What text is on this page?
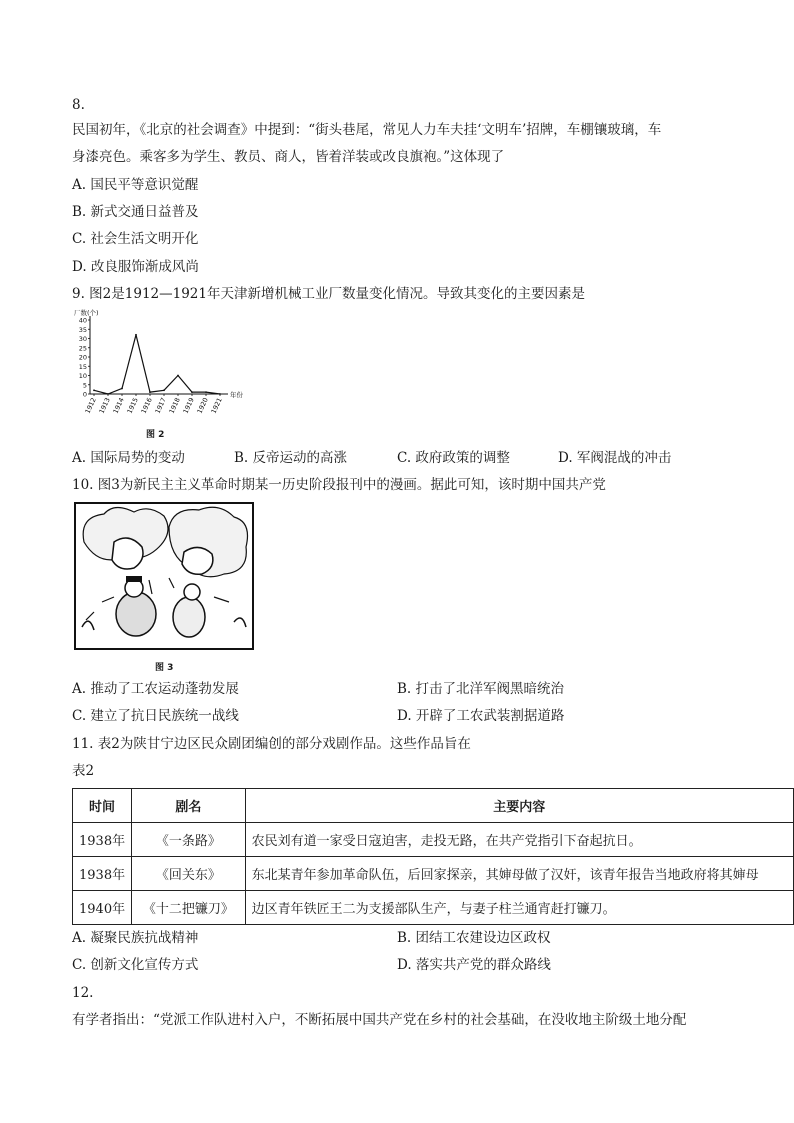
8.
民国初年，《北京的社会调查》中提到：“街头巷尾，常见人力车夫挂‘文明车’招牌，车棚镶玻璃，车
身漆亮色。乘客多为学生、教员、商人，皆着洋装或改良旗袍。”这体现了
A. 国民平等意识觉醒
B. 新式交通日益普及
C. 社会生活文明开化
D. 改良服饰渐成风尚
9. 图2是1912—1921年天津新增机械工业厂数量变化情况。导致其变化的主要因素是
0
5
10
15
20
25
30
35
40
1912 1913 1914 1915 1916 1917 1918 1919 1920 1921
厂数(个)
年份
图 2
A. 国际局势的变动	B. 反帝运动的高涨	C. 政府政策的调整	D. 军阀混战的冲击
10. 图3为新民主主义革命时期某一历史阶段报刊中的漫画。据此可知，该时期中国共产党
图 3
A. 推动了工农运动蓬勃发展	B. 打击了北洋军阀黑暗统治
C. 建立了抗日民族统一战线	D. 开辟了工农武装割据道路
11. 表2为陕甘宁边区民众剧团编创的部分戏剧作品。这些作品旨在
表2
时间	剧名	主要内容
1938年	《一条路》	农民刘有道一家受日寇迫害，走投无路，在共产党指引下奋起抗日。
1938年	《回关东》	东北某青年参加革命队伍，后回家探亲，其婶母做了汉奸，该青年报告当地政府将其婶母
1940年	《十二把镰刀》	边区青年铁匠王二为支援部队生产，与妻子柱兰通宵赶打镰刀。
A. 凝聚民族抗战精神	B. 团结工农建设边区政权
C. 创新文化宣传方式	D. 落实共产党的群众路线
12.
有学者指出：“党派工作队进村入户，不断拓展中国共产党在乡村的社会基础，在没收地主阶级土地分配
